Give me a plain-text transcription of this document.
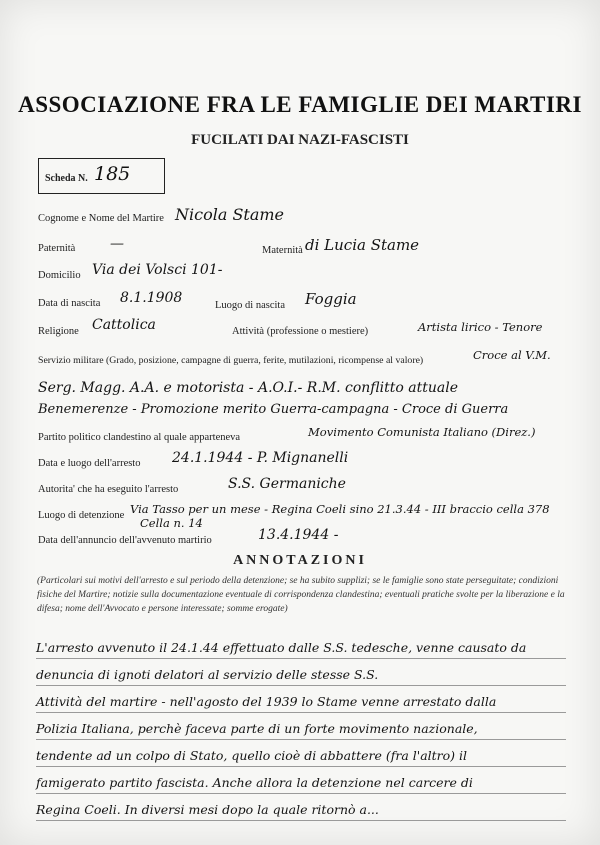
ASSOCIAZIONE FRA LE FAMIGLIE DEI MARTIRI
FUCILATI DAI NAZI-FASCISTI
Scheda N. 185
Cognome e Nome del Martire Nicola Stame
Paternità —	Maternità di Lucia Stame
Domicilio Via dei Volsci 101-
Data di nascita 8.1.1908	Luogo di nascita Foggia
Religione Cattolica	Attività (professione o mestiere)	Artista lirico - Tenore
Servizio militare (Grado, posizione, campagne di guerra, ferite, mutilazioni, ricompense al valore)	Croce al V.M.
Serg. Magg. A.A. e motorista - A.O.I.- R.M. conflitto attuale
Benemerenze - Promozione merito Guerra-campagna - Croce di Guerra
Partito politico clandestino al quale apparteneva	Movimento Comunista Italiano (Direz.)
Data e luogo dell'arresto 24.1.1944 - P. Mignanelli
Autorita' che ha eseguito l'arresto	S.S. Germaniche
Luogo di detenzione Via Tasso per un mese - Regina Coeli sino 21.3.44 - III braccio cella 378
Cella n. 14
Data dell'annuncio dell'avvenuto martirio	13.4.1944 -
ANNOTAZIONI
(Particolari sui motivi dell'arresto e sul periodo della detenzione; se ha subito supplizi; se le famiglie sono state perseguitate; condizioni fisiche del Martire; notizie sulla documentazione eventuale di corrispondenza clandestina; eventuali pratiche svolte per la liberazione e la difesa; nome dell'Avvocato e persone interessate; somme erogate)
L'arresto avvenuto il 24.1.44 effettuato dalle S.S. tedesche, venne causato da
denuncia di ignoti delatori al servizio delle stesse S.S.
Attività del martire - nell'agosto del 1939 lo Stame venne arrestato dalla
Polizia Italiana, perchè faceva parte di un forte movimento nazionale,
tendente ad un colpo di Stato, quello cioè di abbattere (fra l'altro) il
famigerato partito fascista. Anche allora la detenzione nel carcere di
Regina Coeli. In diversi mesi dopo la quale ritornò a...
